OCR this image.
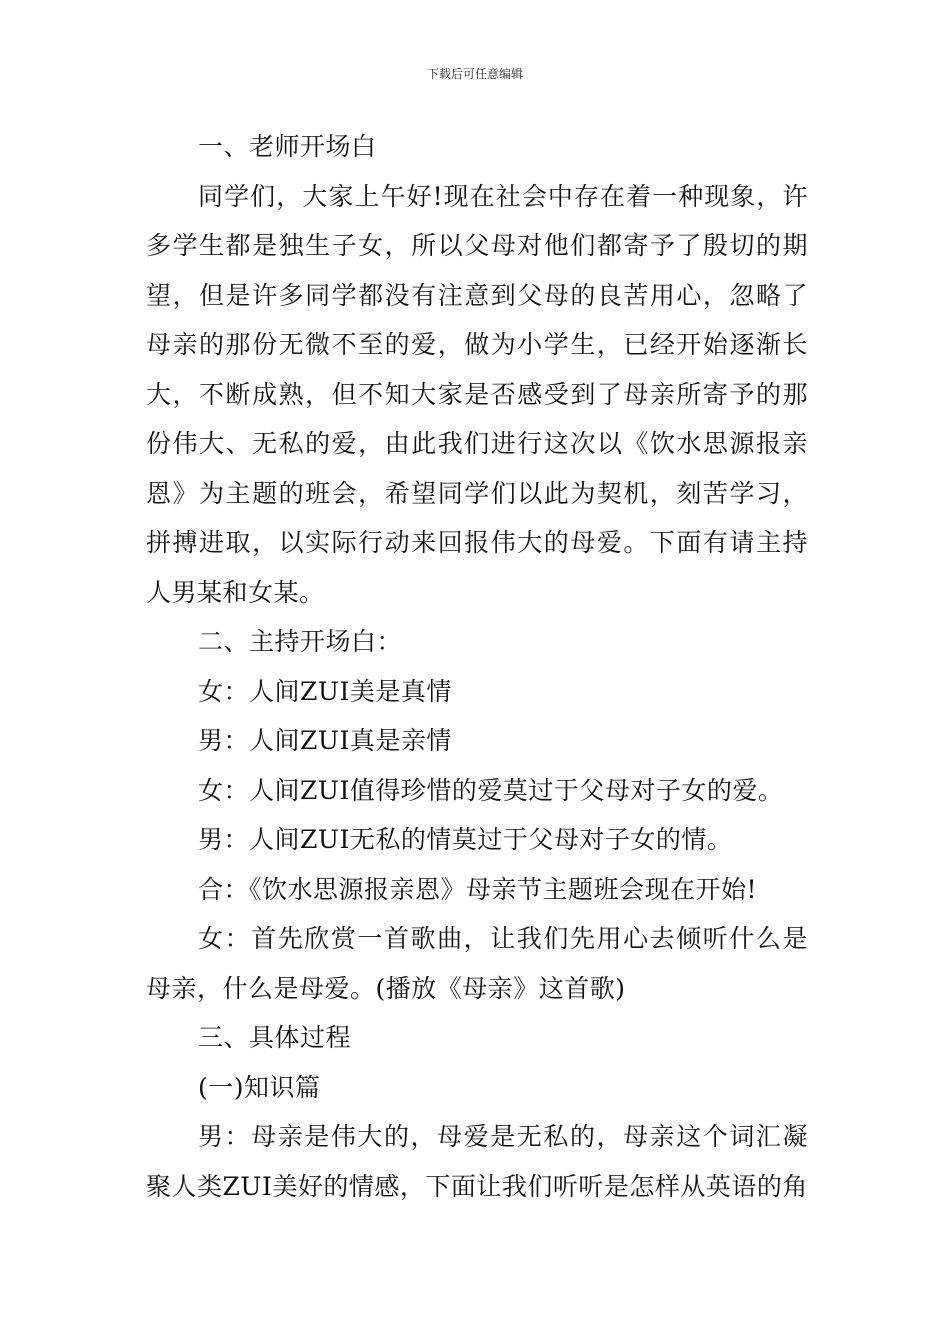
下载后可任意编辑

一、老师开场白

同学们，大家上午好!现在社会中存在着一种现象，许多学生都是独生子女，所以父母对他们都寄予了殷切的期望，但是许多同学都没有注意到父母的良苦用心，忽略了母亲的那份无微不至的爱，做为小学生，已经开始逐渐长大，不断成熟，但不知大家是否感受到了母亲所寄予的那份伟大、无私的爱，由此我们进行这次以《饮水思源报亲恩》为主题的班会，希望同学们以此为契机，刻苦学习，拼搏进取，以实际行动来回报伟大的母爱。下面有请主持人男某和女某。

二、主持开场白：

女：人间ZUI美是真情

男：人间ZUI真是亲情

女：人间ZUI值得珍惜的爱莫过于父母对子女的爱。

男：人间ZUI无私的情莫过于父母对子女的情。

合：《饮水思源报亲恩》母亲节主题班会现在开始!

女：首先欣赏一首歌曲，让我们先用心去倾听什么是母亲，什么是母爱。(播放《母亲》这首歌)

三、具体过程

(一)知识篇

男：母亲是伟大的，母爱是无私的，母亲这个词汇凝聚人类ZUI美好的情感，下面让我们听听是怎样从英语的角
